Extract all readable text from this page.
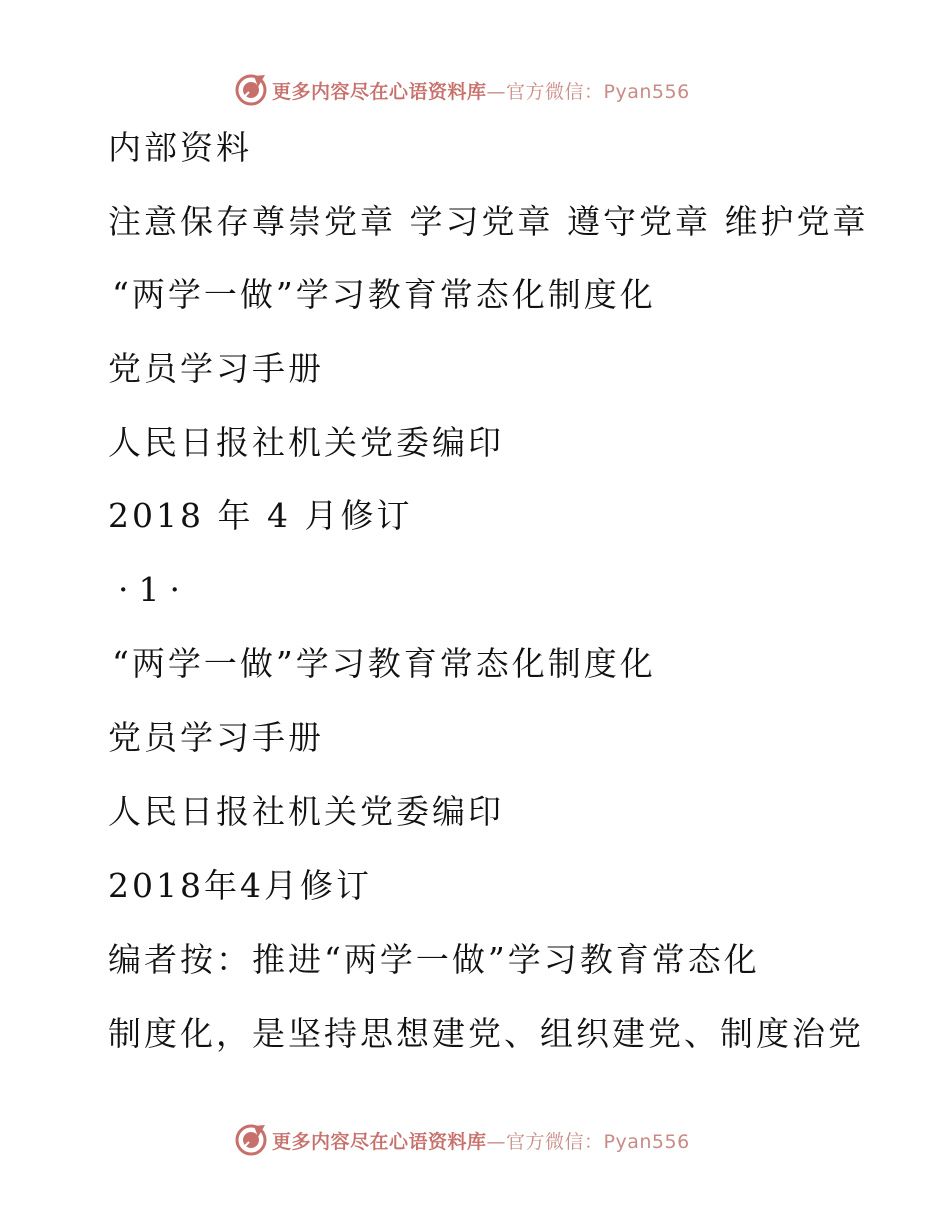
更多内容尽在心语资料库—官方微信：Pyan556
内部资料
注意保存尊崇党章 学习党章 遵守党章 维护党章
“两学一做”学习教育常态化制度化
党员学习手册
人民日报社机关党委编印
2018 年 4 月修订
·1·
“两学一做”学习教育常态化制度化
党员学习手册
人民日报社机关党委编印
2018年4月修订
编者按：推进“两学一做”学习教育常态化
制度化，是坚持思想建党、组织建党、制度治党
更多内容尽在心语资料库—官方微信：Pyan556
